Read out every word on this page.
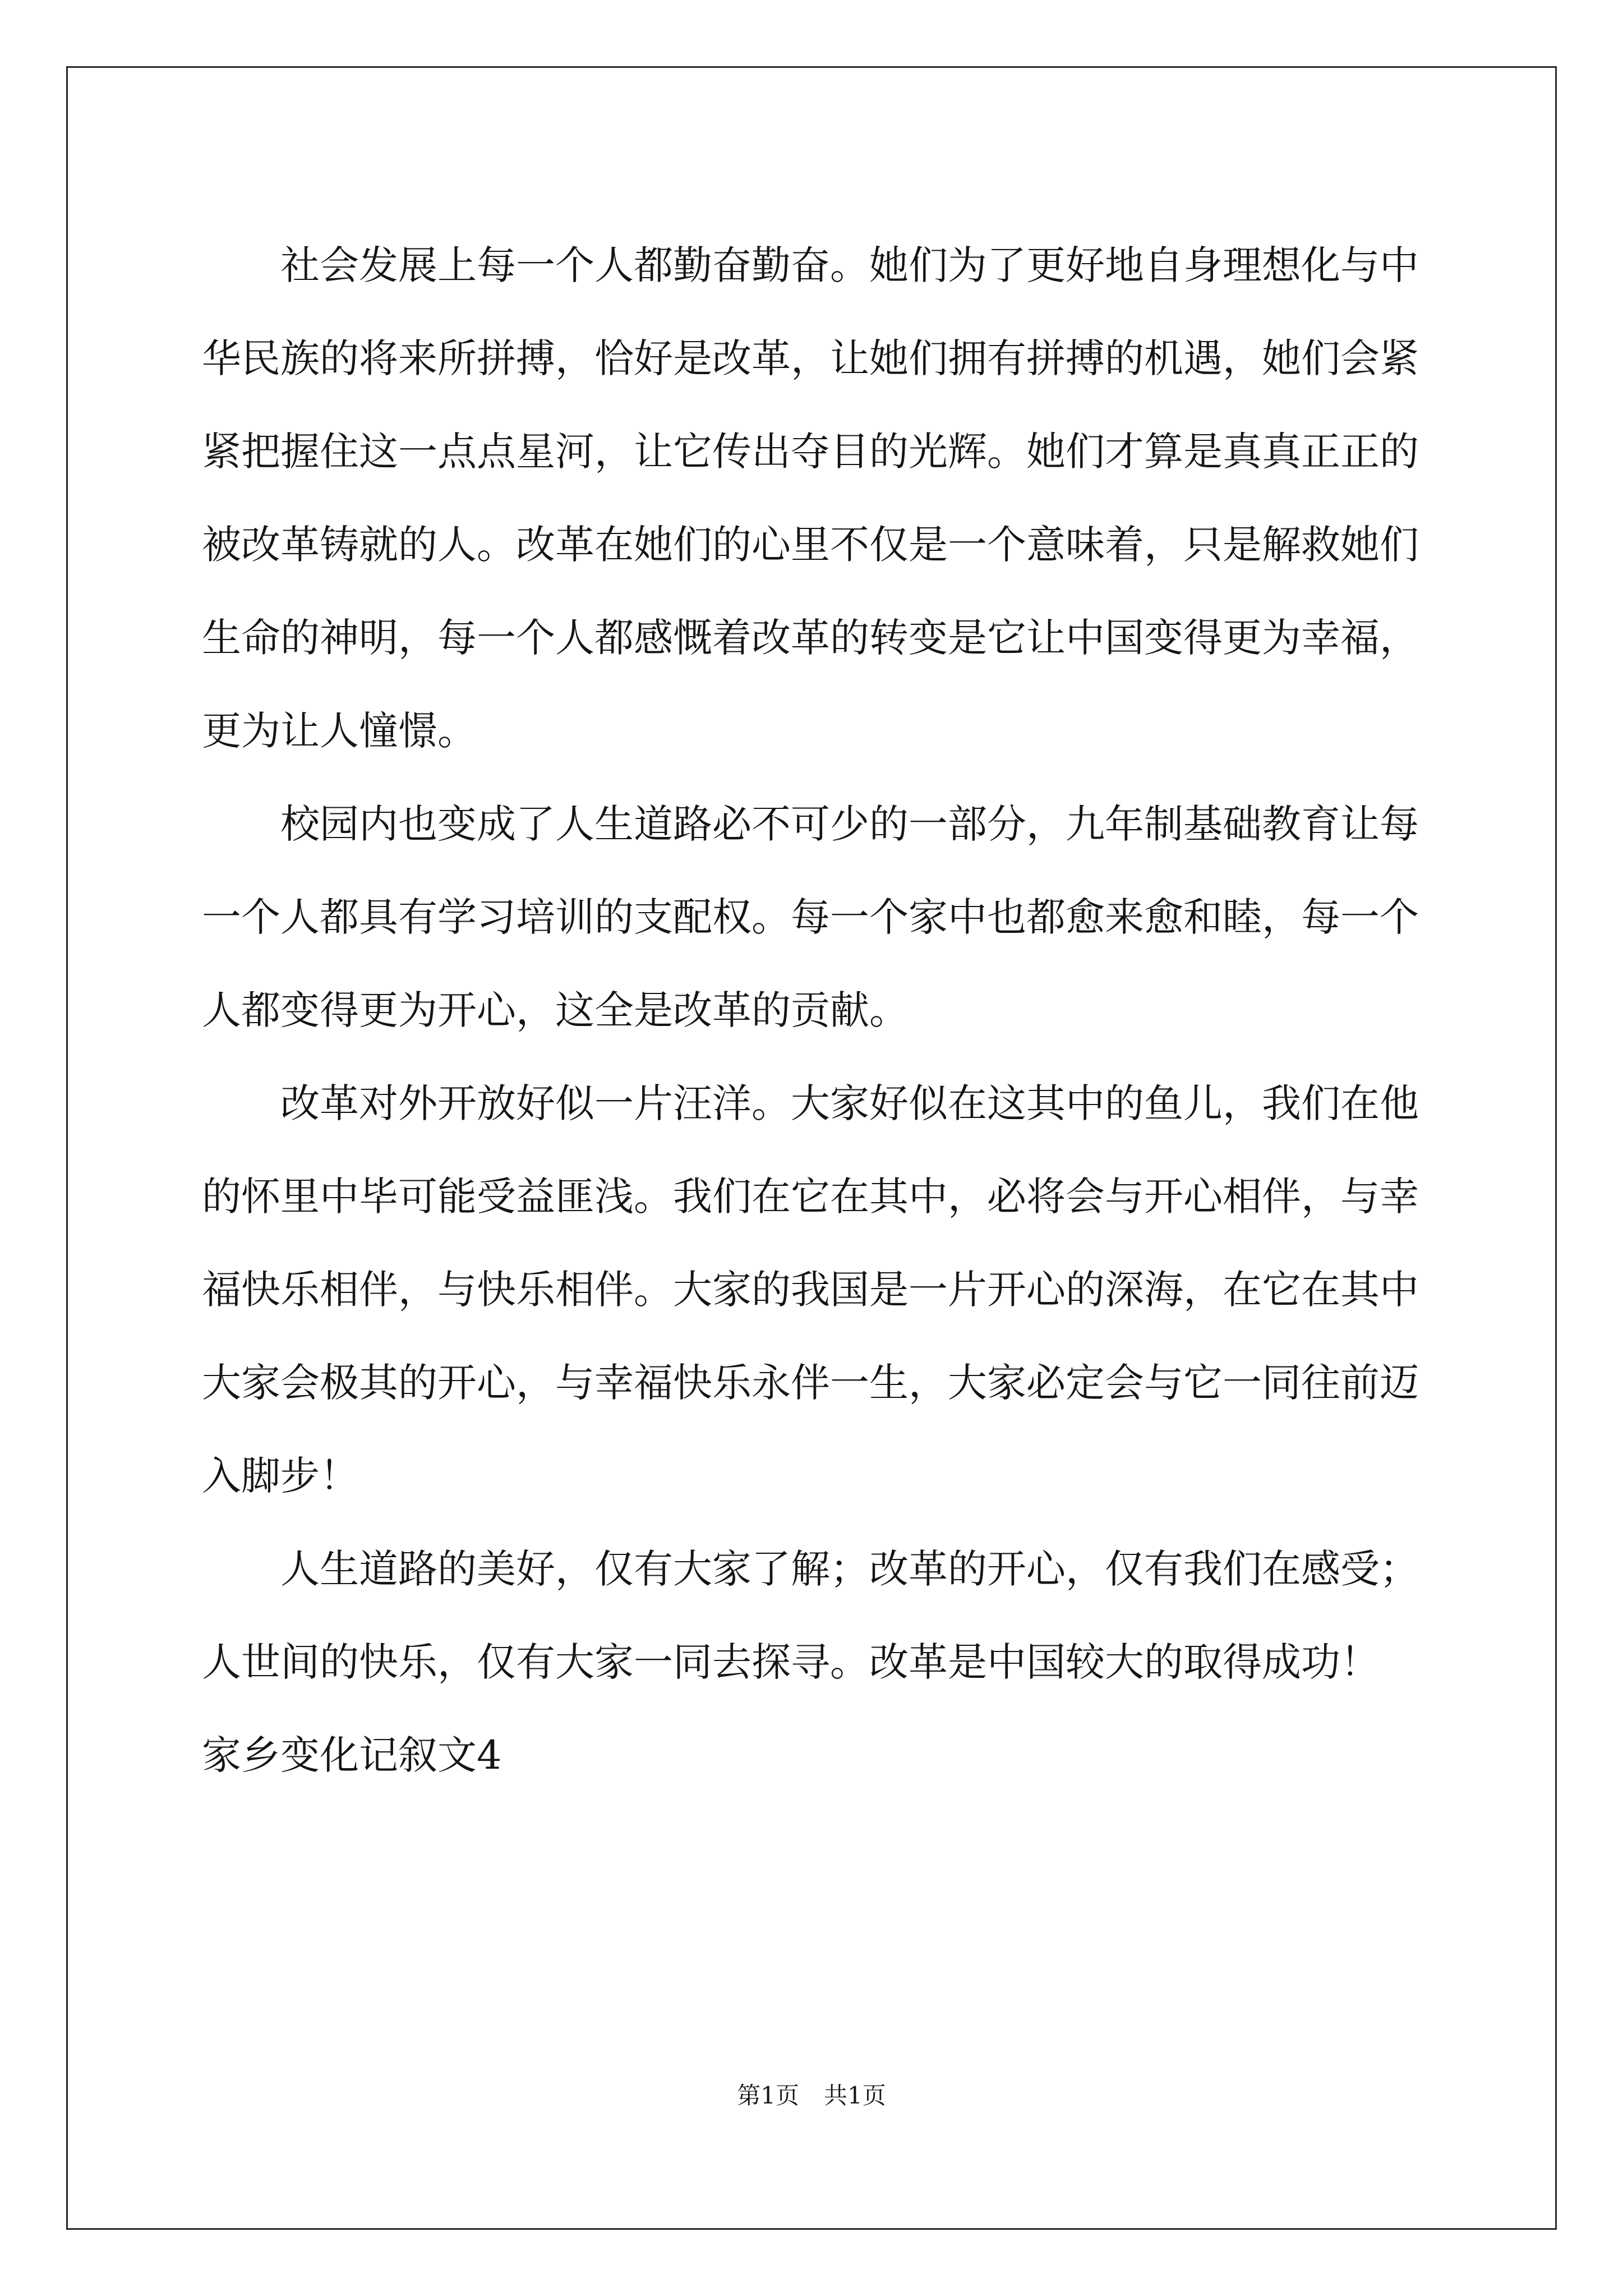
社会发展上每一个人都勤奋勤奋。她们为了更好地自身理想化与中华民族的将来所拼搏，恰好是改革，让她们拥有拼搏的机遇，她们会紧紧把握住这一点点星河，让它传出夺目的光辉。她们才算是真真正正的被改革铸就的人。改革在她们的心里不仅是一个意味着，只是解救她们生命的神明，每一个人都感慨着改革的转变是它让中国变得更为幸福，更为让人憧憬。

校园内也变成了人生道路必不可少的一部分，九年制基础教育让每一个人都具有学习培训的支配权。每一个家中也都愈来愈和睦，每一个人都变得更为开心，这全是改革的贡献。

改革对外开放好似一片汪洋。大家好似在这其中的鱼儿，我们在他的怀里中毕可能受益匪浅。我们在它在其中，必将会与开心相伴，与幸福快乐相伴，与快乐相伴。大家的我国是一片开心的深海，在它在其中大家会极其的开心，与幸福快乐永伴一生，大家必定会与它一同往前迈入脚步！

人生道路的美好，仅有大家了解；改革的开心，仅有我们在感受；人世间的快乐，仅有大家一同去探寻。改革是中国较大的取得成功！

家乡变化记叙文4

第1页 共1页
